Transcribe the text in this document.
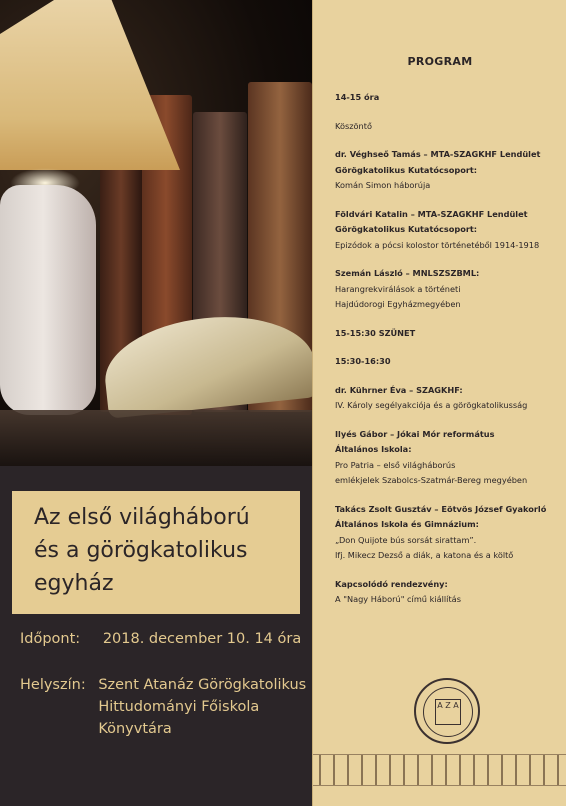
Az első világháború
és a görögkatolikus
egyház
Időpont: 2018. december 10. 14 óra
Helyszín: Szent Atanáz Görögkatolikus
Hittudományi Főiskola
Könyvtára
PROGRAM
14-15 óra
Köszöntő
dr. Véghseő Tamás – MTA-SZAGKHF Lendület
Görögkatolikus Kutatócsoport:
Komán Simon háborúja
Földvári Katalin – MTA-SZAGKHF Lendület
Görögkatolikus Kutatócsoport:
Epizódok a pócsi kolostor történetéből 1914-1918
Szemán László – MNLSZSZBML:
Harangrekvirálások a történeti
Hajdúdorogi Egyházmegyében
15-15:30 SZÜNET
15:30-16:30
dr. Kührner Éva – SZAGKHF:
IV. Károly segélyakciója és a görögkatolikusság
Ilyés Gábor – Jókai Mór református
Általános Iskola:
Pro Patria – első világháborús
emlékjelek Szabolcs-Szatmár-Bereg megyében
Takács Zsolt Gusztáv – Eötvös József Gyakorló
Általános Iskola és Gimnázium:
„Don Quijote bús sorsát sirattam”.
Ifj. Mikecz Dezső a diák, a katona és a költő
Kapcsolódó rendezvény:
A "Nagy Háború" című kiállítás
Α Ζ Α
